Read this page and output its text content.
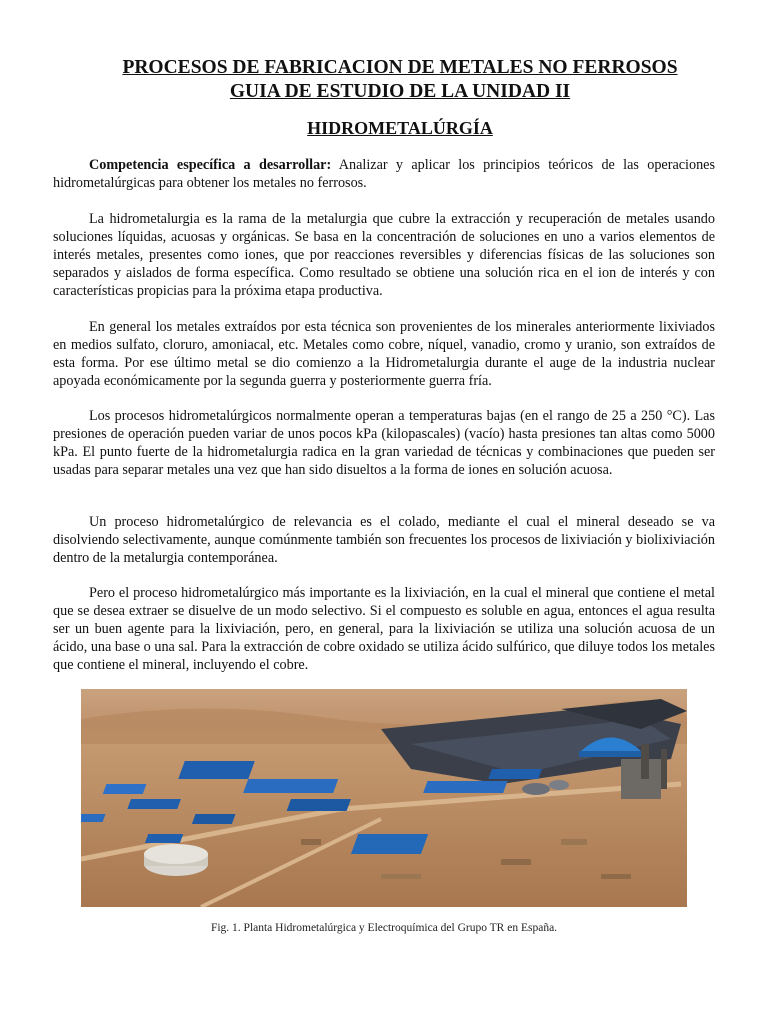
PROCESOS DE FABRICACION DE METALES NO FERROSOS
GUIA DE ESTUDIO DE LA UNIDAD II
HIDROMETALÚRGÍA

Competencia específica a desarrollar: Analizar y aplicar los principios teóricos de las operaciones hidrometalúrgicas para obtener los metales no ferrosos.

La hidrometalurgia es la rama de la metalurgia que cubre la extracción y recuperación de metales usando soluciones líquidas, acuosas y orgánicas. Se basa en la concentración de soluciones en uno a varios elementos de interés metales, presentes como iones, que por reacciones reversibles y diferencias físicas de las soluciones son separados y aislados de forma específica. Como resultado se obtiene una solución rica en el ion de interés y con características propicias para la próxima etapa productiva.

En general los metales extraídos por esta técnica son provenientes de los minerales anteriormente lixiviados en medios sulfato, cloruro, amoniacal, etc. Metales como cobre, níquel, vanadio, cromo y uranio, son extraídos de esta forma. Por ese último metal se dio comienzo a la Hidrometalurgia durante el auge de la industria nuclear apoyada económicamente por la segunda guerra y posteriormente guerra fría.

Los procesos hidrometalúrgicos normalmente operan a temperaturas bajas (en el rango de 25 a 250 °C). Las presiones de operación pueden variar de unos pocos kPa (kilopascales) (vacío) hasta presiones tan altas como 5000 kPa. El punto fuerte de la hidrometalurgia radica en la gran variedad de técnicas y combinaciones que pueden ser usadas para separar metales una vez que han sido disueltos a la forma de iones en solución acuosa.

Un proceso hidrometalúrgico de relevancia es el colado, mediante el cual el mineral deseado se va disolviendo selectivamente, aunque comúnmente también son frecuentes los procesos de lixiviación y biolixiviación dentro de la metalurgia contemporánea.

Pero el proceso hidrometalúrgico más importante es la lixiviación, en la cual el mineral que contiene el metal que se desea extraer se disuelve de un modo selectivo. Si el compuesto es soluble en agua, entonces el agua resulta ser un buen agente para la lixiviación, pero, en general, para la lixiviación se utiliza una solución acuosa de un ácido, una base o una sal. Para la extracción de cobre oxidado se utiliza ácido sulfúrico, que diluye todos los metales que contiene el mineral, incluyendo el cobre.

Fig. 1. Planta Hidrometalúrgica y Electroquímica del Grupo TR en España.
